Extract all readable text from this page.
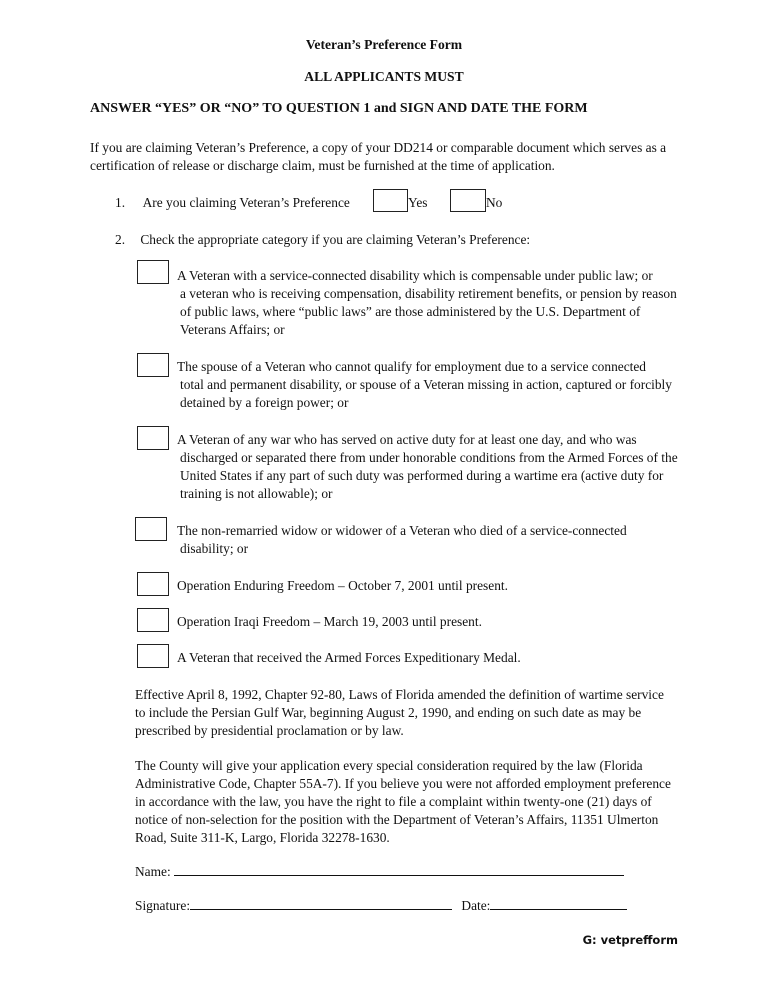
Veteran’s Preference Form
ALL APPLICANTS MUST
ANSWER “YES” OR “NO” TO QUESTION 1 and SIGN AND DATE THE FORM
If you are claiming Veteran’s Preference, a copy of your DD214 or comparable document which serves as a certification of release or discharge claim, must be furnished at the time of application.
1. Are you claiming Veteran’s Preference	Yes	No
2. Check the appropriate category if you are claiming Veteran’s Preference:
A Veteran with a service-connected disability which is compensable under public law; or
a veteran who is receiving compensation, disability retirement benefits, or pension by reason of public laws, where “public laws” are those administered by the U.S. Department of Veterans Affairs; or
The spouse of a Veteran who cannot qualify for employment due to a service connected
total and permanent disability, or spouse of a Veteran missing in action, captured or forcibly detained by a foreign power; or
A Veteran of any war who has served on active duty for at least one day, and who was
discharged or separated there from under honorable conditions from the Armed Forces of the United States if any part of such duty was performed during a wartime era (active duty for training is not allowable); or
The non-remarried widow or widower of a Veteran who died of a service-connected
disability; or
Operation Enduring Freedom – October 7, 2001 until present.
Operation Iraqi Freedom – March 19, 2003 until present.
A Veteran that received the Armed Forces Expeditionary Medal.
Effective April 8, 1992, Chapter 92-80, Laws of Florida amended the definition of wartime service to include the Persian Gulf War, beginning August 2, 1990, and ending on such date as may be prescribed by presidential proclamation or by law.
The County will give your application every special consideration required by the law (Florida Administrative Code, Chapter 55A-7). If you believe you were not afforded employment preference in accordance with the law, you have the right to file a complaint within twenty-one (21) days of notice of non-selection for the position with the Department of Veteran’s Affairs, 11351 Ulmerton Road, Suite 311-K, Largo, Florida 32278-1630.
Name:
Signature:	Date:
G: vetprefform
